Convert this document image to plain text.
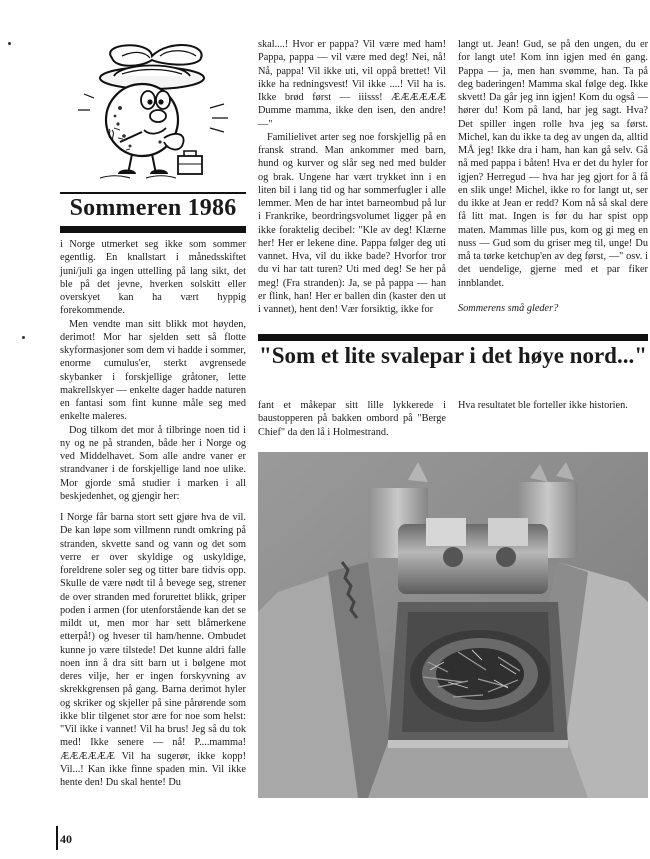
Sommeren 1986

i Norge utmerket seg ikke som sommer egentlig. En knallstart i månedsskiftet juni/juli ga ingen uttelling på lang sikt, det ble på det jevne, hverken solskitt eller overskyet kan ha vært hyppig forekommende.

Men vendte man sitt blikk mot høyden, derimot! Mor har sjelden sett så flotte skyformasjoner som dem vi hadde i sommer, enorme cumulus'er, sterkt avgrensede skybanker i forskjellige gråtoner, lette makrellskyer — enkelte dager hadde naturen en fantasi som fint kunne måle seg med enkelte maleres.

Dog tilkom det mor å tilbringe noen tid i ny og ne på stranden, både her i Norge og ved Middelhavet. Som alle andre vaner er strandvaner i de forskjellige land noe ulike. Mor gjorde små studier i marken i all beskjedenhet, og gjengir her:

I Norge får barna stort sett gjøre hva de vil. De kan løpe som villmenn rundt omkring på stranden, skvette sand og vann og det som verre er over skyldige og uskyldige, foreldrene soler seg og titter bare tidvis opp. Skulle de være nødt til å bevege seg, strener de over stranden med forurettet blikk, griper poden i armen (for utenforstående kan det se mildt ut, men mor har sett blåmerkene etterpå!) og hveser til ham/henne. Ombudet kunne jo være tilstede! Det kunne aldri falle noen inn å dra sitt barn ut i bølgene mot deres vilje, her er ingen forskyvning av skrekkgrensen på gang. Barna derimot hyler og skriker og skjeller på sine pårørende som ikke blir tilgenet stor ære for noe som helst: "Vil ikke i vannet! Vil ha brus! Jeg så du tok med! Ikke senere — nå! P....mamma! ÆÆÆÆÆÆ Vil ha sugerør, ikke kopp! Vil...! Kan ikke finne spaden min. Vil ikke hente den! Du skal hente! Du

skal....! Hvor er pappa? Vil være med ham! Pappa, pappa — vil være med deg! Nei, nå! Nå, pappa! Vil ikke uti, vil oppå brettet! Vil ikke ha redningsvest! Vil ikke ....! Vil ha is. Ikke brød først — iiisss! ÆÆÆÆÆÆ Dumme mamma, ikke den isen, den andre! —"

Familielivet arter seg noe forskjellig på en fransk strand. Man ankommer med barn, hund og kurver og slår seg ned med bulder og brak. Ungene har vært trykket inn i en liten bil i lang tid og har sommerfugler i alle lemmer. Men de har intet barneombud på lur i Frankrike, beordringsvolumet ligger på en ikke foraktelig decibel: "Kle av deg! Klærne her! Her er lekene dine. Pappa følger deg uti vannet. Hva, vil du ikke bade? Hvorfor tror du vi har tatt turen? Uti med deg! Se her på meg! (Fra stranden): Ja, se på pappa — han er flink, han! Her er ballen din (kaster den ut i vannet), hent den! Vær forsiktig, ikke for

langt ut. Jean! Gud, se på den ungen, du er for langt ute! Kom inn igjen med én gang. Pappa — ja, men han svømme, han. Ta på deg baderingen! Mamma skal følge deg. Ikke skvett! Da går jeg inn igjen! Kom du også — hører du! Kom på land, har jeg sagt. Hva? Det spiller ingen rolle hva jeg sa først. Michel, kan du ikke ta deg av ungen da, alltid MÅ jeg! Ikke dra i ham, han kan gå selv. Gå nå med pappa i båten! Hva er det du hyler for igjen? Herregud — hva har jeg gjort for å få en slik unge! Michel, ikke ro for langt ut, ser du ikke at Jean er redd? Kom nå så skal dere få litt mat. Ingen is før du har spist opp maten. Mammas lille pus, kom og gi meg en nuss — Gud som du griser meg til, unge! Du må ta tørke ketchup'en av deg først, —" osv. i det uendelige, gjerne med et par fiker innblandet.

Sommerens små gleder?

"Som et lite svalepar i det høye nord..."
fant et måkepar sitt lille lykkerede i baustopperen på bakken ombord på "Berge Chief" da den lå i Holmestrand.
Hva resultatet ble forteller ikke historien.
40
